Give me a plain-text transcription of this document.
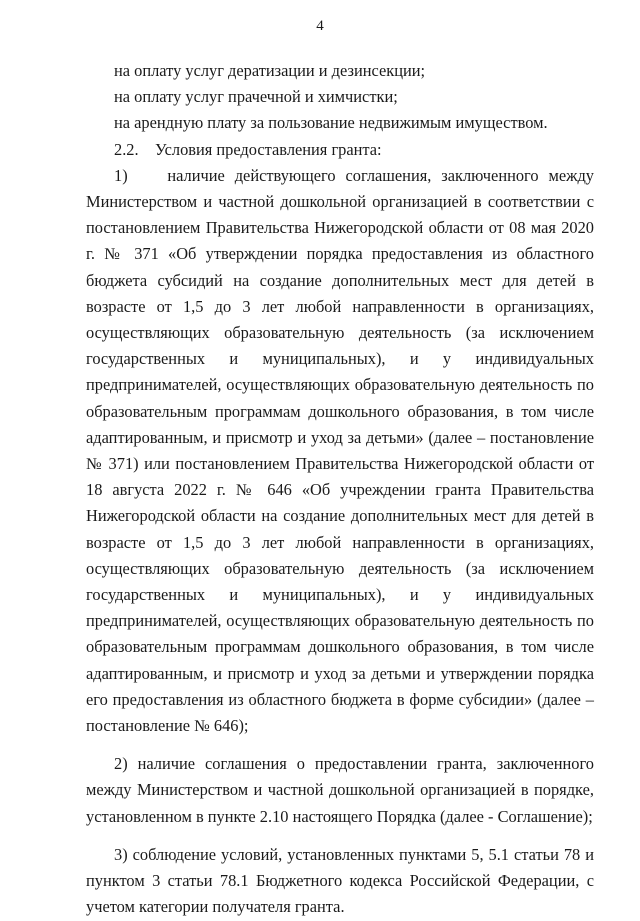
4

на оплату услуг дератизации и дезинсекции;

на оплату услуг прачечной и химчистки;

на арендную плату за пользование недвижимым имуществом.

2.2.    Условия предоставления гранта:

1)    наличие действующего соглашения, заключенного между Министерством и частной дошкольной организацией в соответствии с постановлением Правительства Нижегородской области от 08 мая 2020 г. № 371 «Об утверждении порядка предоставления из областного бюджета субсидий на создание дополнительных мест для детей в возрасте от 1,5 до 3 лет любой направленности в организациях, осуществляющих образовательную деятельность (за исключением государственных и муниципальных), и у индивидуальных предпринимателей, осуществляющих образовательную деятельность по образовательным программам дошкольного образования, в том числе адаптированным, и присмотр и уход за детьми» (далее – постановление № 371) или постановлением Правительства Нижегородской области от 18 августа 2022 г. № 646 «Об учреждении гранта Правительства Нижегородской области на создание дополнительных мест для детей в возрасте от 1,5 до 3 лет любой направленности в организациях, осуществляющих образовательную деятельность (за исключением государственных и муниципальных), и у индивидуальных предпринимателей, осуществляющих образовательную деятельность по образовательным программам дошкольного образования, в том числе адаптированным, и присмотр и уход за детьми и утверждении порядка его предоставления из областного бюджета в форме субсидии» (далее – постановление № 646);

2) наличие соглашения о предоставлении гранта, заключенного между Министерством и частной дошкольной организацией в порядке, установленном в пункте 2.10 настоящего Порядка (далее - Соглашение);

3) соблюдение условий, установленных пунктами 5, 5.1 статьи 78 и пунктом 3 статьи 78.1 Бюджетного кодекса Российской Федерации, с учетом категории получателя гранта.
